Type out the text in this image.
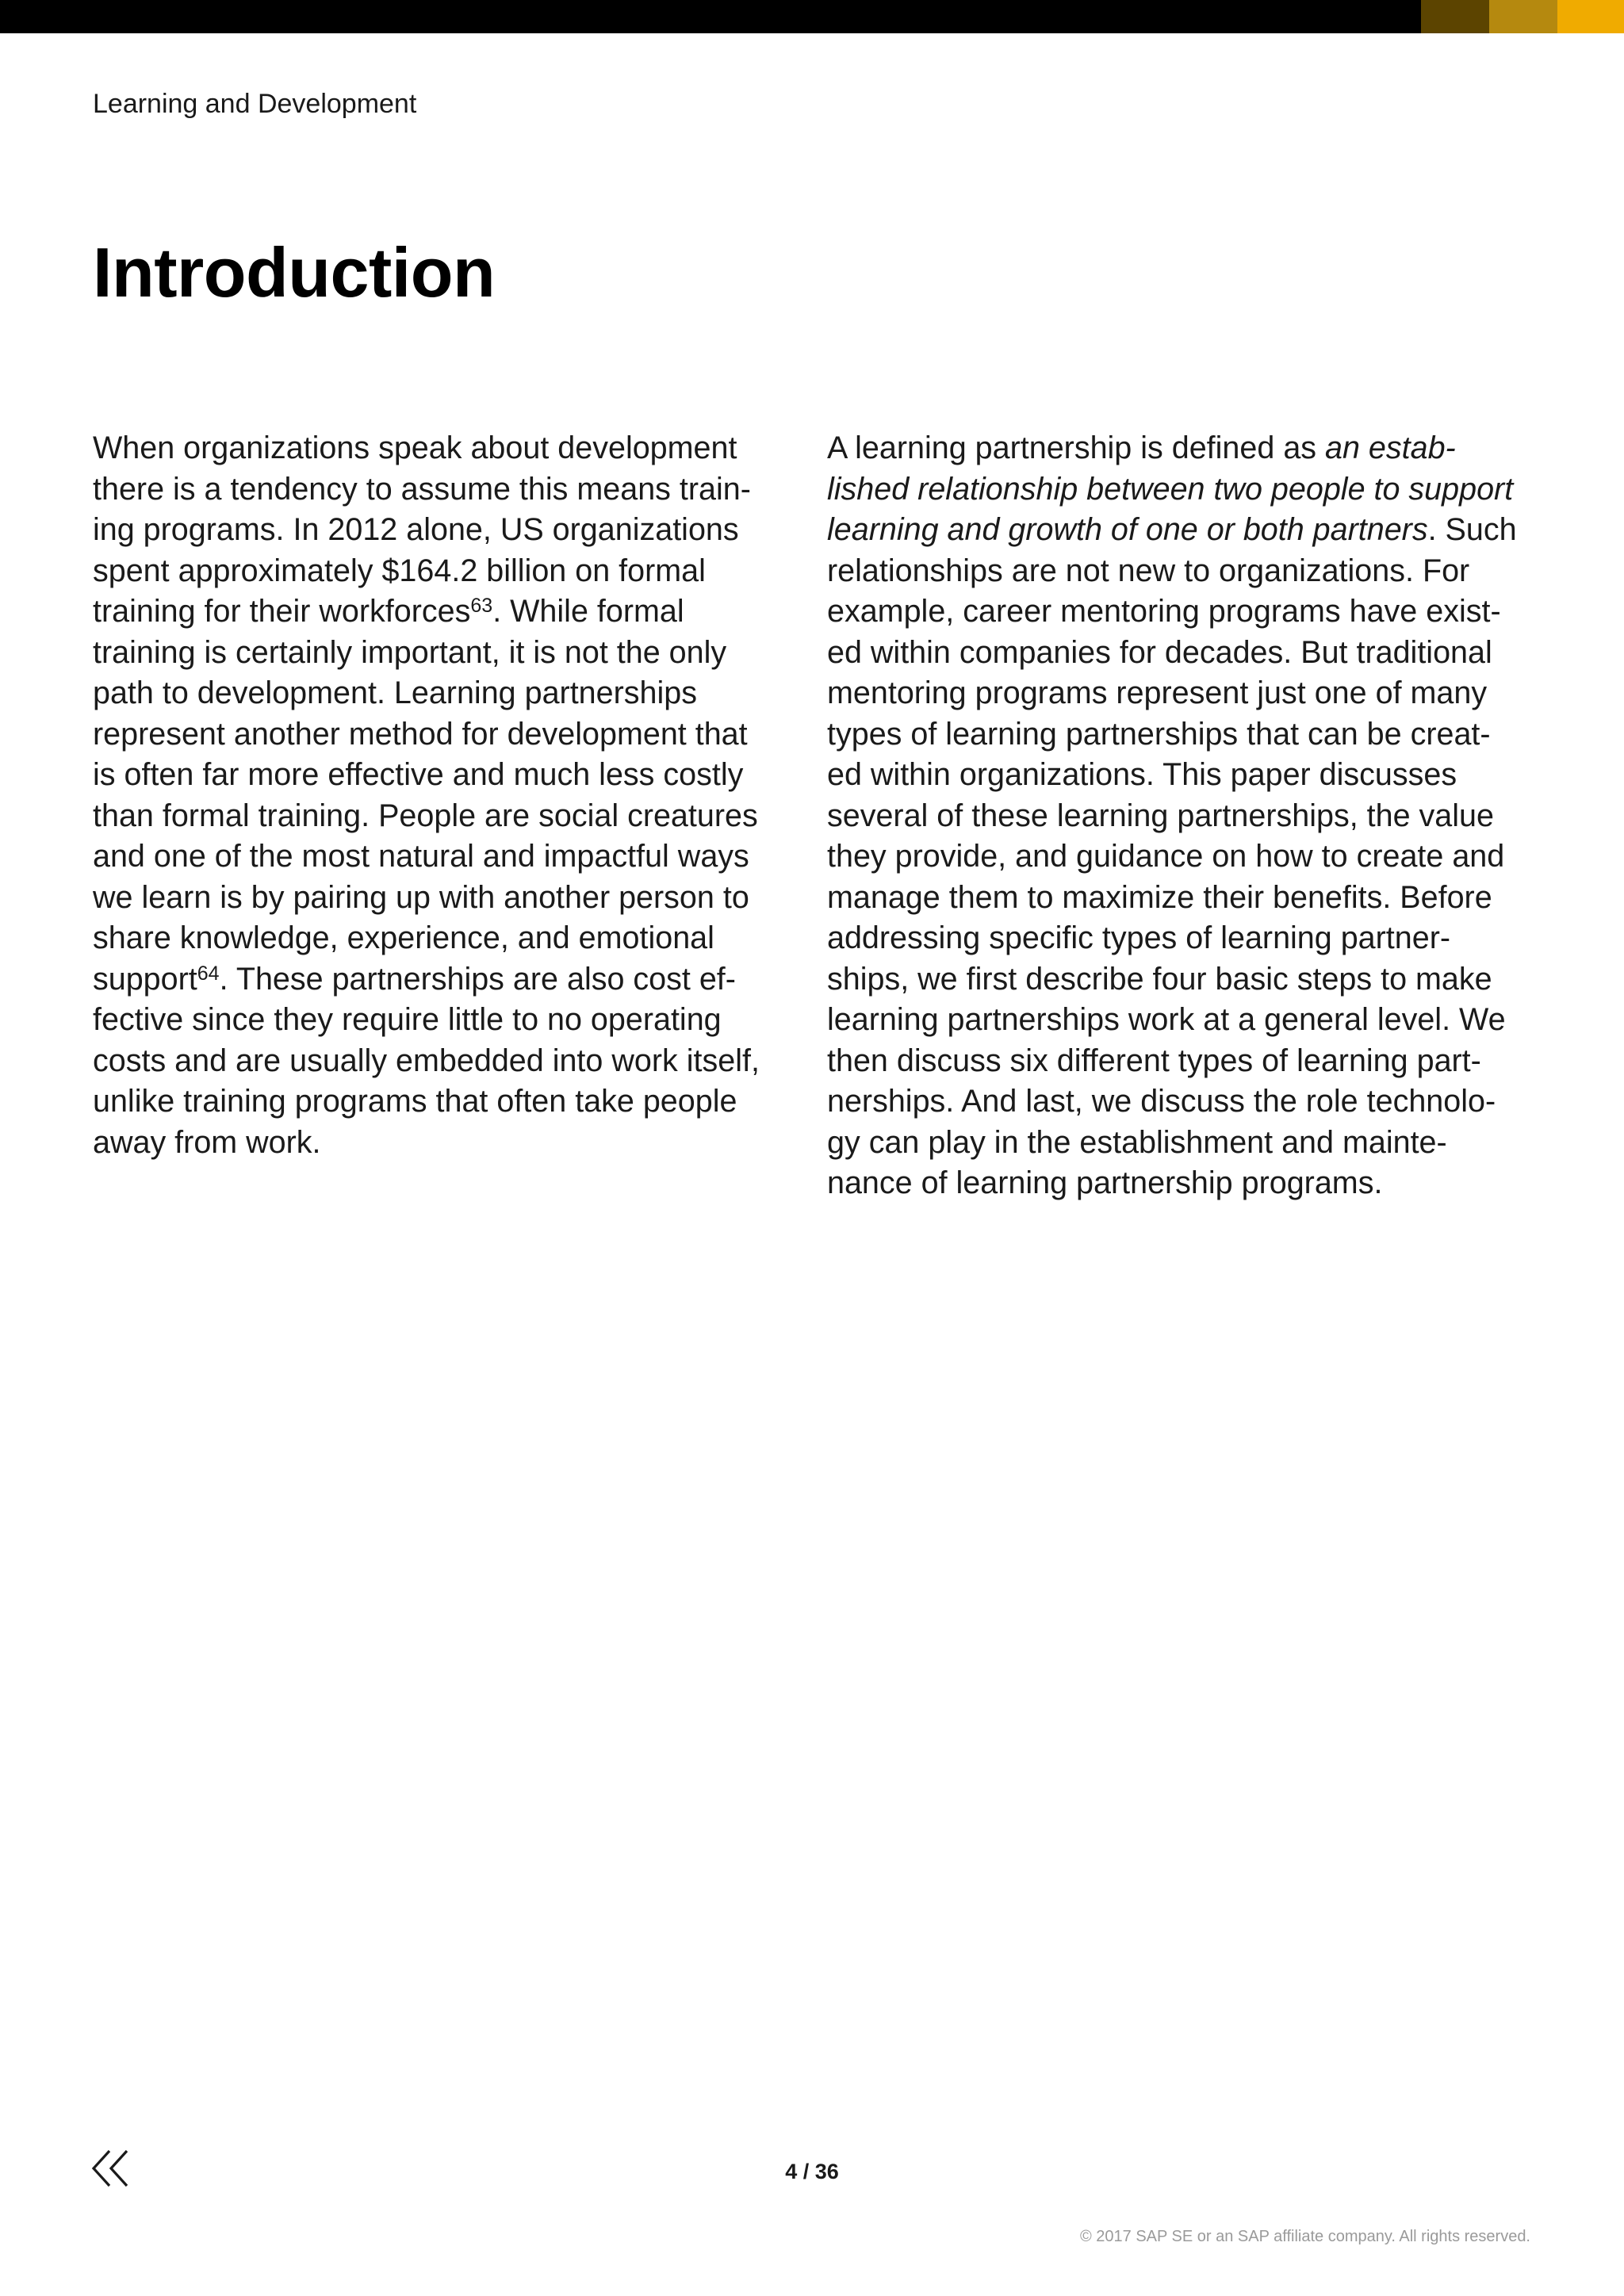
Learning and Development
Introduction
When organizations speak about development
there is a tendency to assume this means train-
ing programs. In 2012 alone, US organizations
spent approximately $164.2 billion on formal
training for their workforces$^{63}$. While formal
training is certainly important, it is not the only
path to development. Learning partnerships
represent another method for development that
is often far more effective and much less costly
than formal training. People are social creatures
and one of the most natural and impactful ways
we learn is by pairing up with another person to
share knowledge, experience, and emotional
support$^{64}$. These partnerships are also cost ef-
fective since they require little to no operating
costs and are usually embedded into work itself,
unlike training programs that often take people
away from work.
A learning partnership is defined as an estab-
lished relationship between two people to support
learning and growth of one or both partners. Such
relationships are not new to organizations. For
example, career mentoring programs have exist-
ed within companies for decades. But traditional
mentoring programs represent just one of many
types of learning partnerships that can be creat-
ed within organizations. This paper discusses
several of these learning partnerships, the value
they provide, and guidance on how to create and
manage them to maximize their benefits. Before
addressing specific types of learning partner-
ships, we first describe four basic steps to make
learning partnerships work at a general level. We
then discuss six different types of learning part-
nerships. And last, we discuss the role technolo-
gy can play in the establishment and mainte-
nance of learning partnership programs.
4 / 36
© 2017 SAP SE or an SAP affiliate company. All rights reserved.
